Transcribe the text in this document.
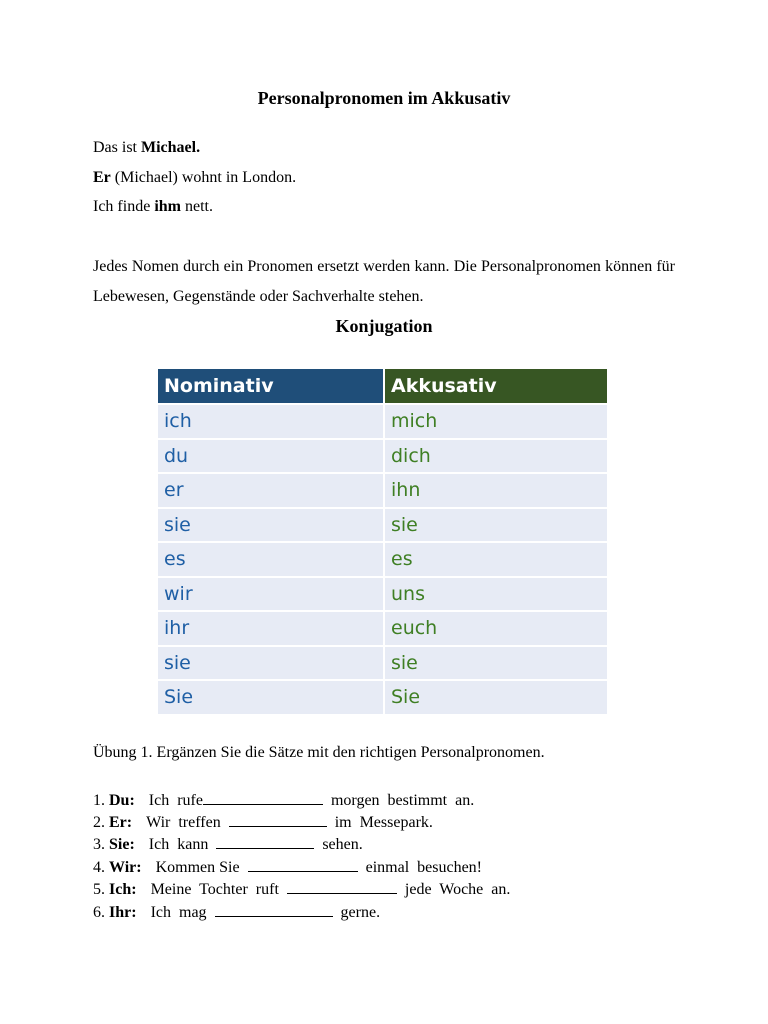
Personalpronomen im Akkusativ
Das ist Michael.
Er (Michael) wohnt in London.
Ich finde ihm nett.
Jedes Nomen durch ein Pronomen ersetzt werden kann. Die Personalpronomen können für Lebewesen, Gegenstände oder Sachverhalte stehen.
Konjugation
Nominativ	Akkusativ
ich	mich
du	dich
er	ihn
sie	sie
es	es
wir	uns
ihr	euch
sie	sie
Sie	Sie
Übung 1. Ergänzen Sie die Sätze mit den richtigen Personalpronomen.
1. Du: Ich  rufe	morgen  bestimmt  an.
2. Er: Wir  treffen	im  Messepark.
3. Sie: Ich  kann	sehen.
4. Wir: Kommen Sie	einmal  besuchen!
5. Ich: Meine  Tochter  ruft	jede  Woche  an.
6. Ihr: Ich  mag	gerne.
